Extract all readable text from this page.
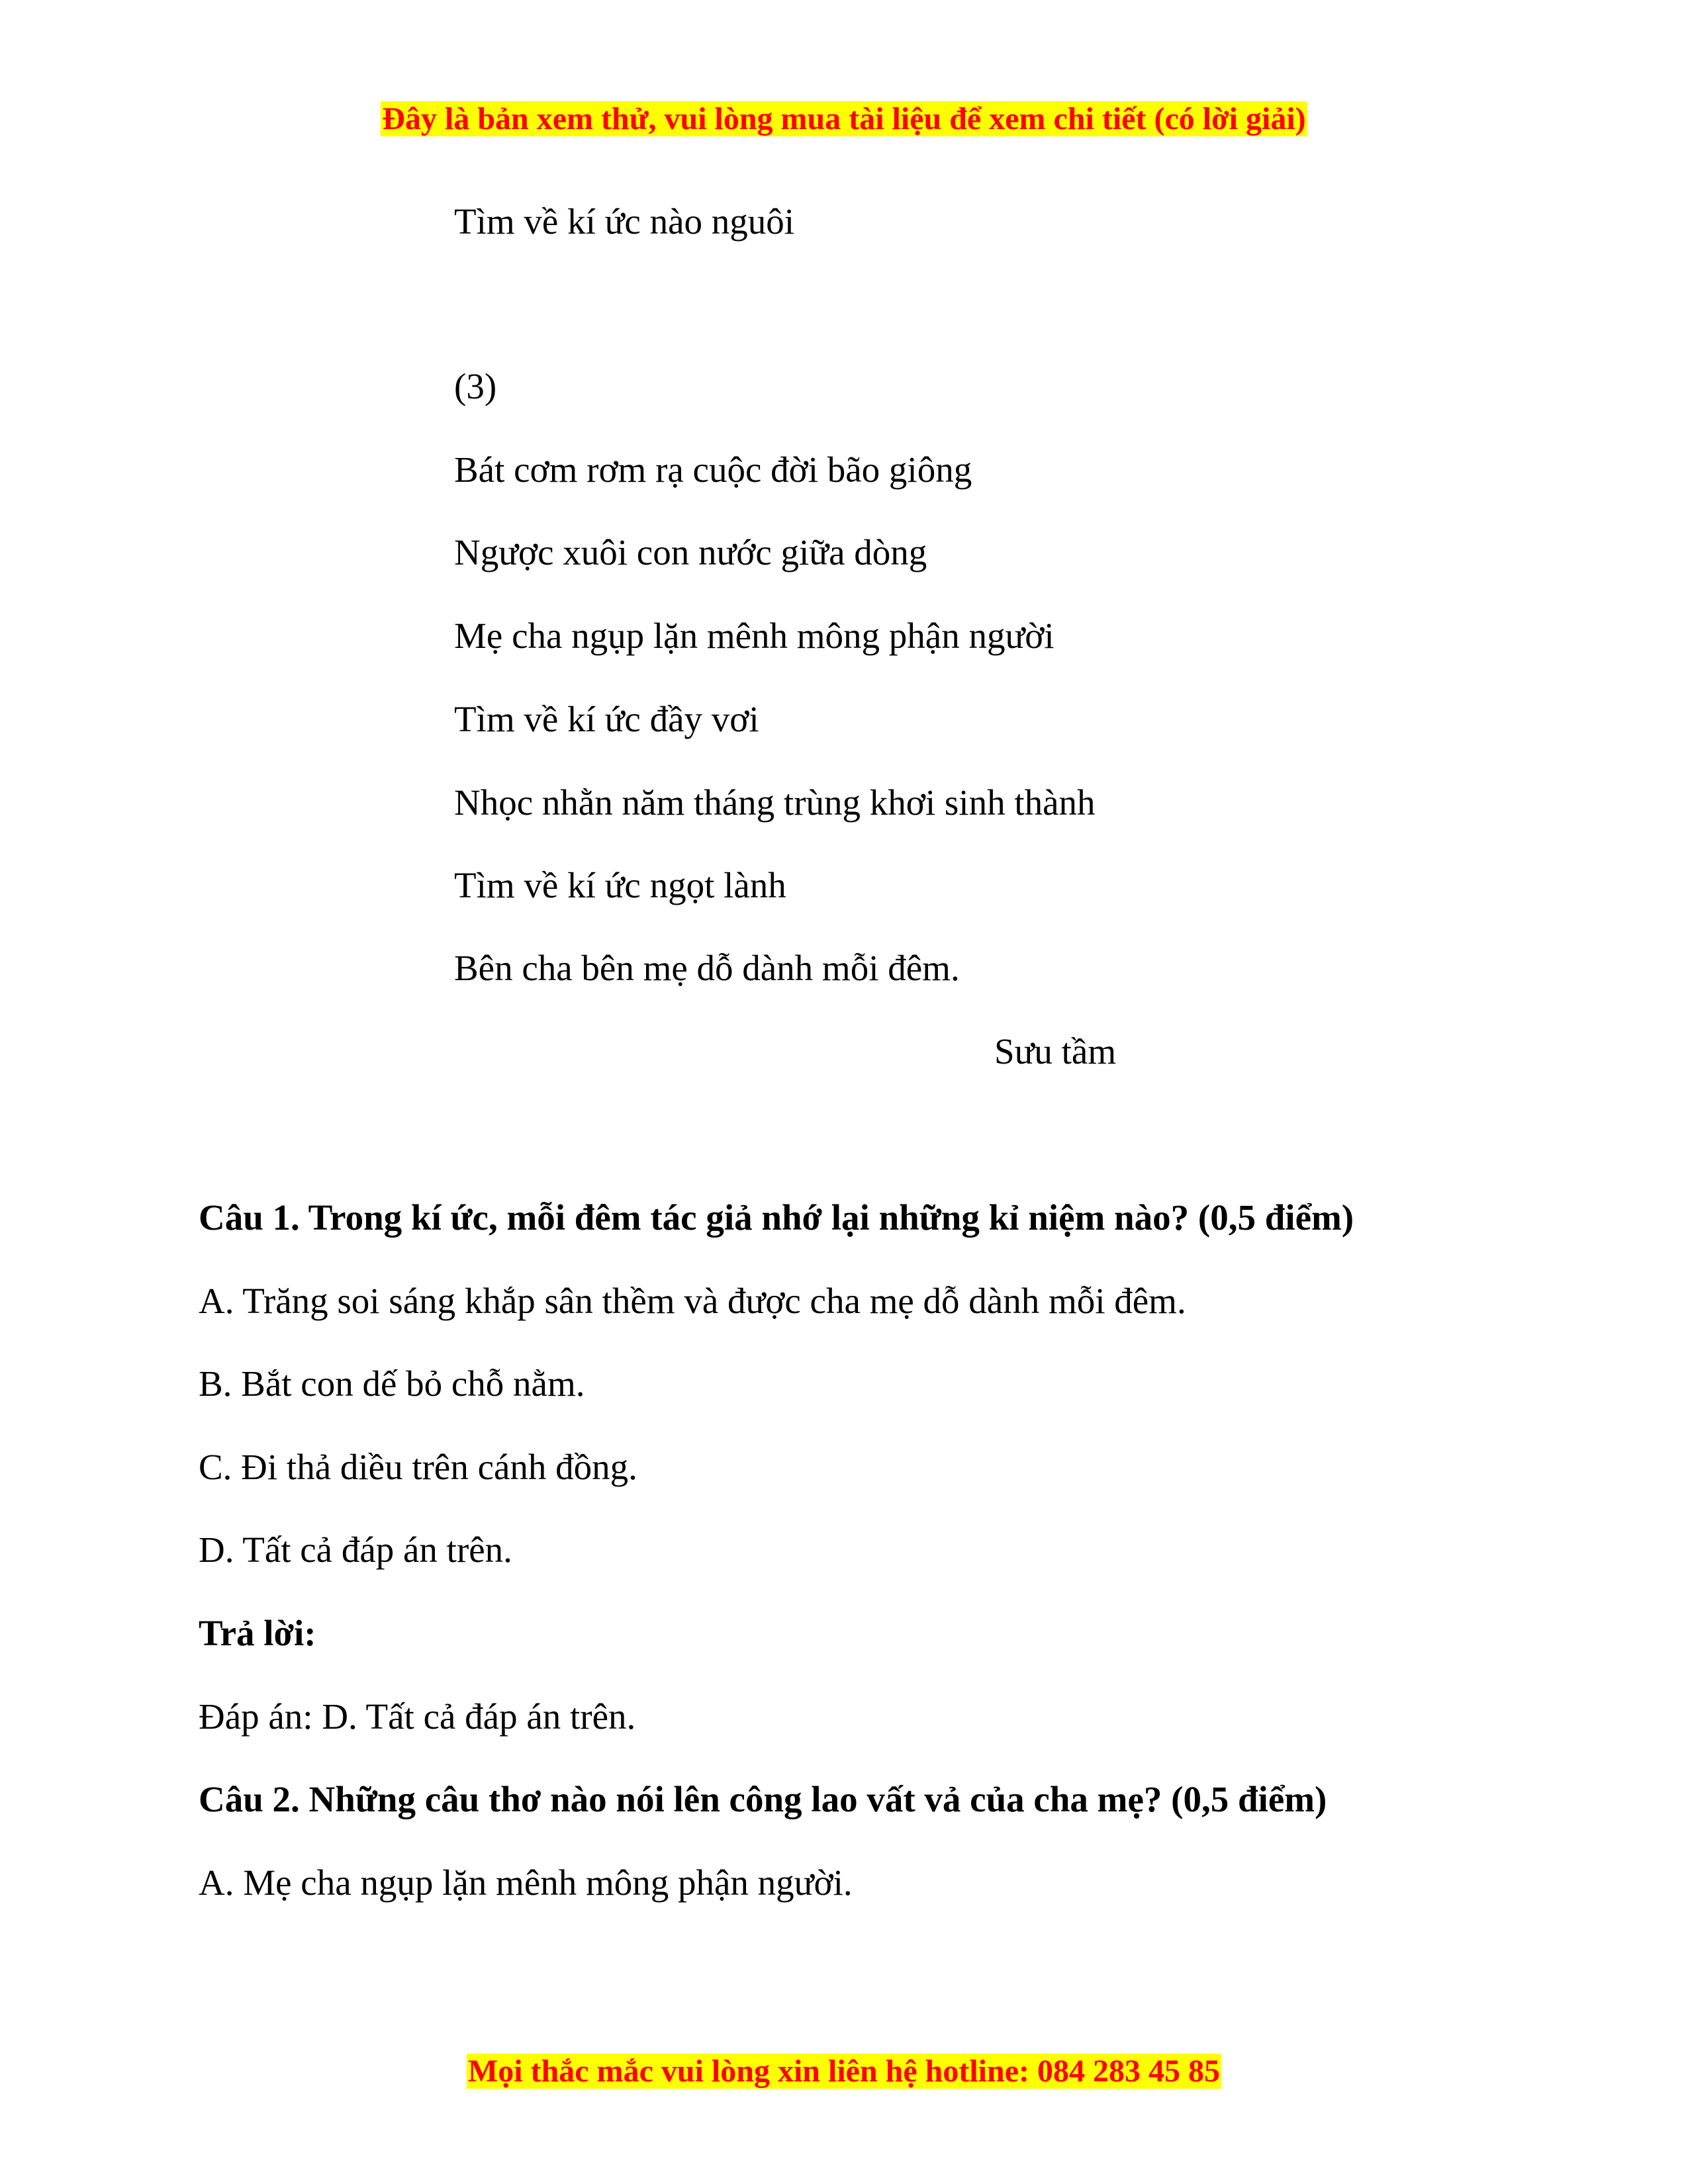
Đây là bản xem thử, vui lòng mua tài liệu để xem chi tiết (có lời giải)
Tìm về kí ức nào nguôi
(3)
Bát cơm rơm rạ cuộc đời bão giông
Ngược xuôi con nước giữa dòng
Mẹ cha ngụp lặn mênh mông phận người
Tìm về kí ức đầy vơi
Nhọc nhằn năm tháng trùng khơi sinh thành
Tìm về kí ức ngọt lành
Bên cha bên mẹ dỗ dành mỗi đêm.
Sưu tầm
Câu 1. Trong kí ức, mỗi đêm tác giả nhớ lại những kỉ niệm nào? (0,5 điểm)
A. Trăng soi sáng khắp sân thềm và được cha mẹ dỗ dành mỗi đêm.
B. Bắt con dế bỏ chỗ nằm.
C. Đi thả diều trên cánh đồng.
D. Tất cả đáp án trên.
Trả lời:
Đáp án: D. Tất cả đáp án trên.
Câu 2. Những câu thơ nào nói lên công lao vất vả của cha mẹ? (0,5 điểm)
A. Mẹ cha ngụp lặn mênh mông phận người.
Mọi thắc mắc vui lòng xin liên hệ hotline: 084 283 45 85
